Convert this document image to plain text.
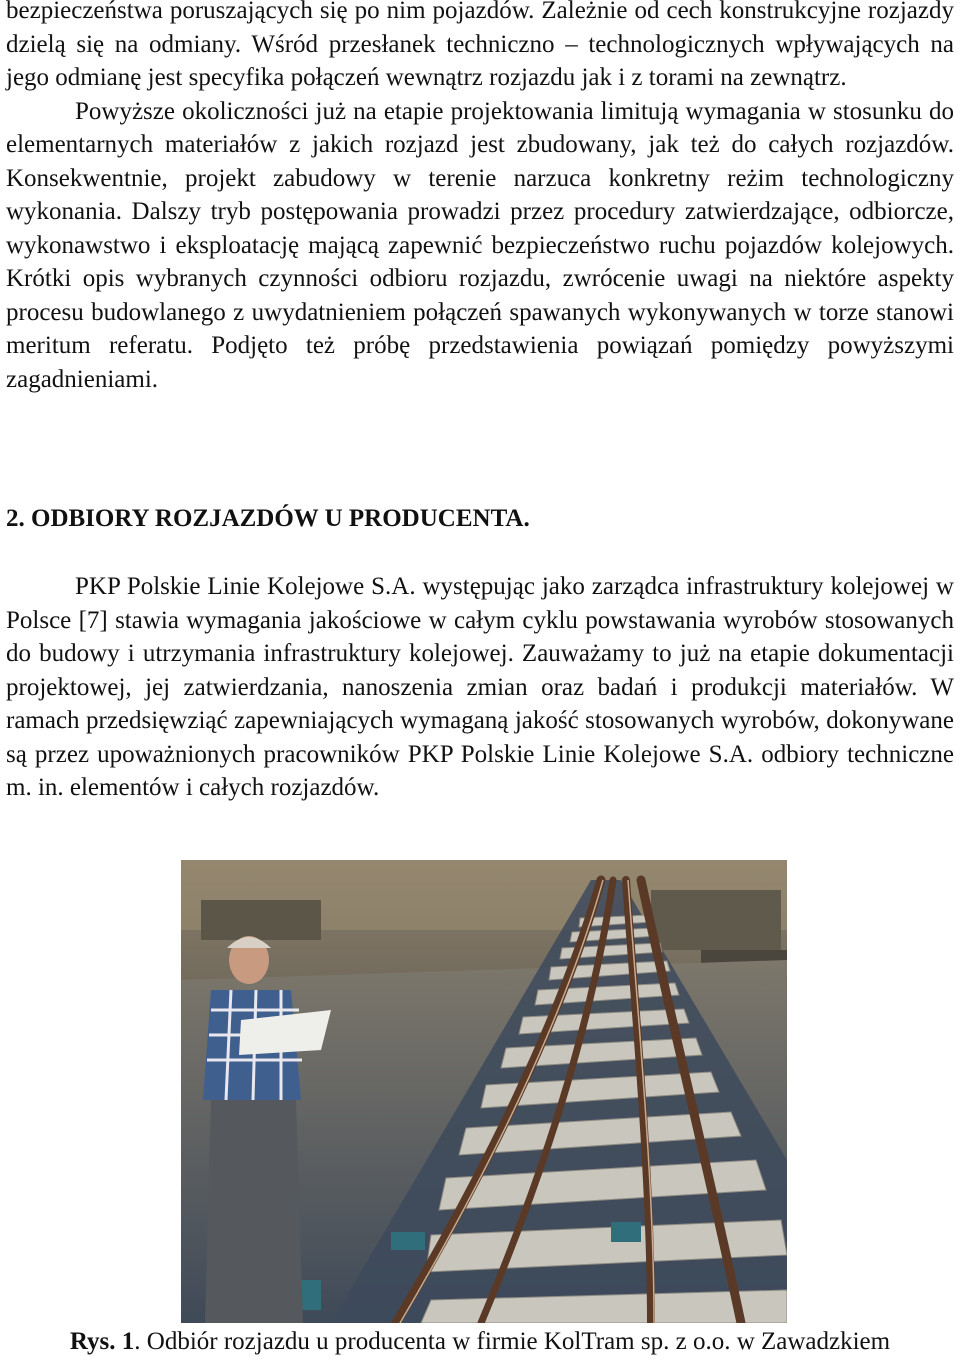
bezpieczeństwa poruszających się po nim pojazdów. Zależnie od cech konstrukcyjne rozjazdy dzielą się na odmiany. Wśród przesłanek techniczno – technologicznych wpływających na jego odmianę jest specyfika połączeń wewnątrz rozjazdu jak i z torami na zewnątrz.

Powyższe okoliczności już na etapie projektowania limitują wymagania w stosunku do elementarnych materiałów z jakich rozjazd jest zbudowany, jak też do całych rozjazdów. Konsekwentnie, projekt zabudowy w terenie narzuca konkretny reżim technologiczny wykonania. Dalszy tryb postępowania prowadzi przez procedury zatwierdzające, odbiorcze, wykonawstwo i eksploatację mającą zapewnić bezpieczeństwo ruchu pojazdów kolejowych. Krótki opis wybranych czynności odbioru rozjazdu, zwrócenie uwagi na niektóre aspekty procesu budowlanego z uwydatnieniem połączeń spawanych wykonywanych w torze stanowi meritum referatu. Podjęto też próbę przedstawienia powiązań pomiędzy powyższymi zagadnieniami.

2. ODBIORY ROZJAZDÓW U PRODUCENTA.

PKP Polskie Linie Kolejowe S.A. występując jako zarządca infrastruktury kolejowej w Polsce [7] stawia wymagania jakościowe w całym cyklu powstawania wyrobów stosowanych do budowy i utrzymania infrastruktury kolejowej. Zauważamy to już na etapie dokumentacji projektowej, jej zatwierdzania, nanoszenia zmian oraz badań i produkcji materiałów. W ramach przedsięwziąć zapewniających wymaganą jakość stosowanych wyrobów, dokonywane są przez upoważnionych pracowników PKP Polskie Linie Kolejowe S.A. odbiory techniczne m. in. elementów i całych rozjazdów.

Rys. 1. Odbiór rozjazdu u producenta w firmie KolTram sp. z o.o. w Zawadzkiem
